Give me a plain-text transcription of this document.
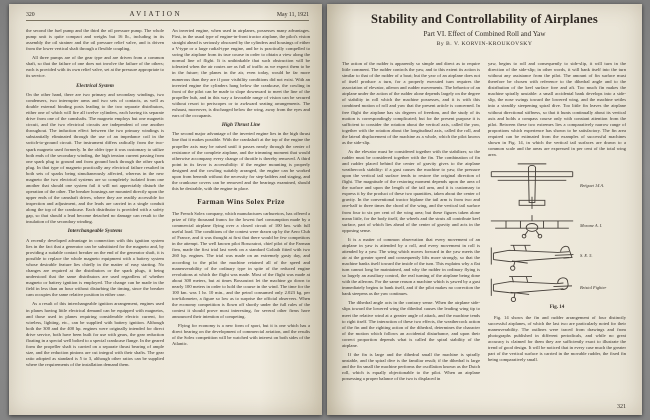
320	AVIATION	May 11, 1921

the second the fuel pump and the third the oil pressure pump. The whole pump unit is quite compact and weighs but 16 lb., including in its assembly the oil strainer and the oil pressure relief valve, and is driven from the lower vertical shaft through a flexible coupling.

All three pumps are of the gear type and are driven from a common shaft, so that the failure of one does not involve the failure of the others; each is provided with its own relief valve, set at the pressure appropriate to its service.

Electrical System

On the other hand, there are two primary and secondary windings, two condensers, two interrupter arms and two sets of contacts, as well as double external binding posts leading to the two separate distributors, either one of which will fire all twelve cylinders, each having its separate drive from one of the camshafts. The magneto employs but one magnetic circuit, and the two electrical circuits are independent of one another throughout. The induction effect between the two primary windings is substantially eliminated through the use of an impedance coil in the switch-to-ground circuit. The instrument differs radically from the two-spark magneto used formerly. In the older type it was customary to utilize both ends of the secondary winding, the high tension current passing from one spark plug to ground and from ground back through the other spark plug. In that type of magneto practically any electrical failure resulted in both sets of sparks being simultaneously affected, whereas in the new magneto the two electrical systems are so completely isolated from one another that should one system fail it will not appreciably disturb the operation of the other. The breaker housings are mounted directly upon the upper ends of the camshaft drives, where they are readily accessible for inspection and adjustment, and the leads are carried in a single conduit along the top of the crankcase. Each distributor is provided with a safety gap, so that should a lead become detached no damage can result to the insulation of the secondary winding.

Interchangeable Systems

A recently developed advantage in connection with this ignition system lies in the fact that a generator can be substituted for the magneto and, by providing a suitable contact breaker on the end of the generator shaft, it is possible to replace the whole magneto equipment with a battery system whose desirable feature lies chiefly in the matter of easy starting. No changes are required at the distributors or the spark plugs, it being understood that the same distributors are used regardless of whether magneto or battery ignition is employed. The change can be made in the field in less than an hour without disturbing the timing, since the breaker cam occupies the same relative position in either case.

As a result of this interchangeable ignition arrangement, engines used in planes having little electrical demand can be equipped with magnetos, and those used in planes requiring considerable electric current, for wireless, lighting, etc., can be supplied with battery ignition. Although both the 300 and the 400 hp. engines were originally intended for direct drive service, both have been built for use with gears, the gear reduction floating in a special well bolted to a special crankcase flange. In the geared form the propeller shaft is carried on a separate thrust bearing of ample size, and the reduction pinions are cut integral with their shafts. The gear ratio adopted as standard is 5 to 3, although other ratios can be supplied where the requirements of the installation demand them.

An inverted engine, when used in airplanes, possesses many advantages. First, in the usual type of engine-in-front tractor airplane, the pilot's vision straight ahead is seriously obscured by the cylinders and housings of either a V-type or a large radial-type engine, and he is practically compelled to swing the airplane from its true course in order to obtain a view along the normal line of flight. It is unthinkable that such obstruction will be tolerated when the air routes are as full of traffic as we expect them to be in the future; the planes in the air, even today, would be far more numerous than they are if poor visibility conditions did not exist. With an inverted engine the cylinders hang below the crankcase, the cowling in front of the pilot can be made to slope downward to meet the line of the propeller hub, and in this way a favorable range of vision can be secured without resort to periscopes or to awkward seating arrangements. The exhaust, moreover, is discharged below the wing, away from the eyes and ears of the occupants.

High Thrust Line

The second major advantage of the inverted engine lies in the high thrust line that it makes possible. With the crankshaft at the top of the engine the propeller axis may be raised until it passes nearly through the center of resistance of the complete airplane, and the trimming moment that would otherwise accompany every change of throttle is thereby removed. A third point in its favor is accessibility: if the engine mounting is properly designed and the cowling suitably arranged, the engine can be worked upon from beneath without the necessity for step-ladders and staging, and the crankcase covers can be removed and the bearings examined, should this be desirable, with the engine in place.

Farman Wins Solex Prize

The French Solex company, which manufactures carburetors, has offered a prize of fifty thousand francs for the lowest fuel consumption made by a commercial airplane flying over a closed circuit of 100 km. with full useful load. The conditions of the contest were drawn up by the Aero Club of France, and it was thought at first that there would be few competitors in the attempt. The well known pilot Bossoutrot, chief pilot of the Farman firm, made the first trial last week on a standard Goliath fitted with two 260 hp. engines. The trial was made on an extremely gusty day, and according to the pilot the machine retained all of the speed and maneuverability of the ordinary type in spite of the reduced engine revolutions at which the flight was made. Most of the flight was made at about 300 meters, but at times Bossoutrot let the machine go down to nearly 100 meters in order to hold the course in the wind. The time for the 100 km. was 1 hr. 10 min., and the petrol consumed only 2.023 kg. per ton-kilometer, a figure so low as to surprise the official observers. When the economy competition is flown off shortly under the full rules of the contest it should prove most interesting, for several other firms have announced their intention of competing.

Flying for economy is a new form of sport, but it is one which has a direct bearing on the development of commercial aviation, and the results of the Solex competition will be watched with interest on both sides of the Atlantic.

Stability and Controllability of Airplanes
Part VI. Effect of Combined Roll and Yaw
By B. V. KORVIN-KROUKOVSKY

The action of the rudder is apparently so simple and direct as to require little comment. The rudder controls the yaw, and to this extent its action is similar to that of the rudder of a boat; but the yaw of an airplane does not of itself produce a turn, for a properly executed turn requires the association of elevator, aileron and rudder movements. The behavior of an airplane under the action of the rudder alone depends largely on the degree of stability in roll which the machine possesses, and it is with this combined motion of roll and yaw that the present article is concerned. In free flight the airplane has six degrees of freedom, and the study of its motion is correspondingly complicated; but for the present purpose it is sufficient to consider the rotation about the vertical axis, called the yaw, together with the rotation about the longitudinal axis, called the roll, and the lateral displacement of the machine as a whole, which the pilot knows as the side-slip.

As the elevator must be considered together with the stabilizer, so the rudder must be considered together with the fin. The combination of fin and rudder placed behind the center of gravity gives to the airplane weathercock stability: if a gust causes the machine to yaw, the pressure upon the vertical tail surface tends to restore the original direction of flight. The magnitude of the restoring moment depends upon the area of the surface and upon the length of the tail arm, and it is customary to express it by the product of these two quantities, taken about the center of gravity. In the conventional tractor biplane the tail arm is from two and one-half to three times the chord of the wing, and the vertical tail surface from four to six per cent of the wing area; but these figures taken alone mean little, for the body itself, the wheels and the struts all contribute keel surface, part of which lies ahead of the center of gravity and acts in the opposing sense.

It is a matter of common observation that every movement of an airplane in yaw is attended by a roll, and every movement in roll is attended by a yaw. The wing which moves forward in the yaw meets the air at the greater speed and consequently lifts more strongly, so that the machine banks itself toward the inside of the turn. This explains why a flat turn cannot long be maintained, and why the rudder in ordinary flying is so largely an auxiliary control, the real turning of the airplane being done with the ailerons. For the same reason a machine which is yawed by a gust immediately begins to bank itself, and if the pilot makes no correction the bank steepens as the yaw continues.

The dihedral angle acts in the contrary sense. When the airplane side-slips toward the lowered wing the dihedral causes the leading wing tip to meet the relative wind at a greater angle of attack, and the machine tends to right itself. The interaction of these two effects, the weathercock action of the fin and the righting action of the dihedral, determines the character of the motion which follows an accidental disturbance, and upon their correct proportion depends what is called the spiral stability of the airplane.

If the fin is large and the dihedral small the machine is spirally unstable, and the spiral dive is the familiar result; if the dihedral is large and the fin small the machine performs the oscillation known as the Dutch roll, which is equally objectionable to the pilot. When an airplane possessing a proper balance of the two is displaced in

yaw, begins to roll and consequently to side-slip, it will turn in the direction of the side-slip; in other words, it will bank itself into the turn without any assistance from the pilot. The amount of fin surface must therefore be chosen with reference to the dihedral angle and to the distribution of the keel surface fore and aft. Too much fin makes the machine spirally unstable: a small accidental bank develops into a side-slip, the nose swings toward the lowered wing, and the machine settles into a steadily steepening spiral dive. Too little fin leaves the airplane without directional stiffness, so that it hunts continually about its vertical axis and holds a compass course only with constant attention from the pilot. Between these two extremes lies a comparatively narrow range of proportions which experience has shown to be satisfactory. The fin area required can be estimated from the examples of successful machines shown in Fig. 14, in which the vertical tail surfaces are drawn to a common scale and the areas are expressed in per cent of the total wing area.

Bréguet 14 A.
Morane A. I.
S. E. 5.
Bristol Fighter
Fig. 14

Fig. 14 shows the fin and rudder arrangement of four distinctly successful airplanes, of which the last two are particularly noted for their maneuverability. The outlines were traced from drawings and from photographs published in different periodicals, and while no great accuracy is claimed for them they are sufficiently exact to illustrate the trend of good design. It will be noticed that in every case much the greater part of the vertical surface is carried in the movable rudder, the fixed fin being comparatively small.

321
